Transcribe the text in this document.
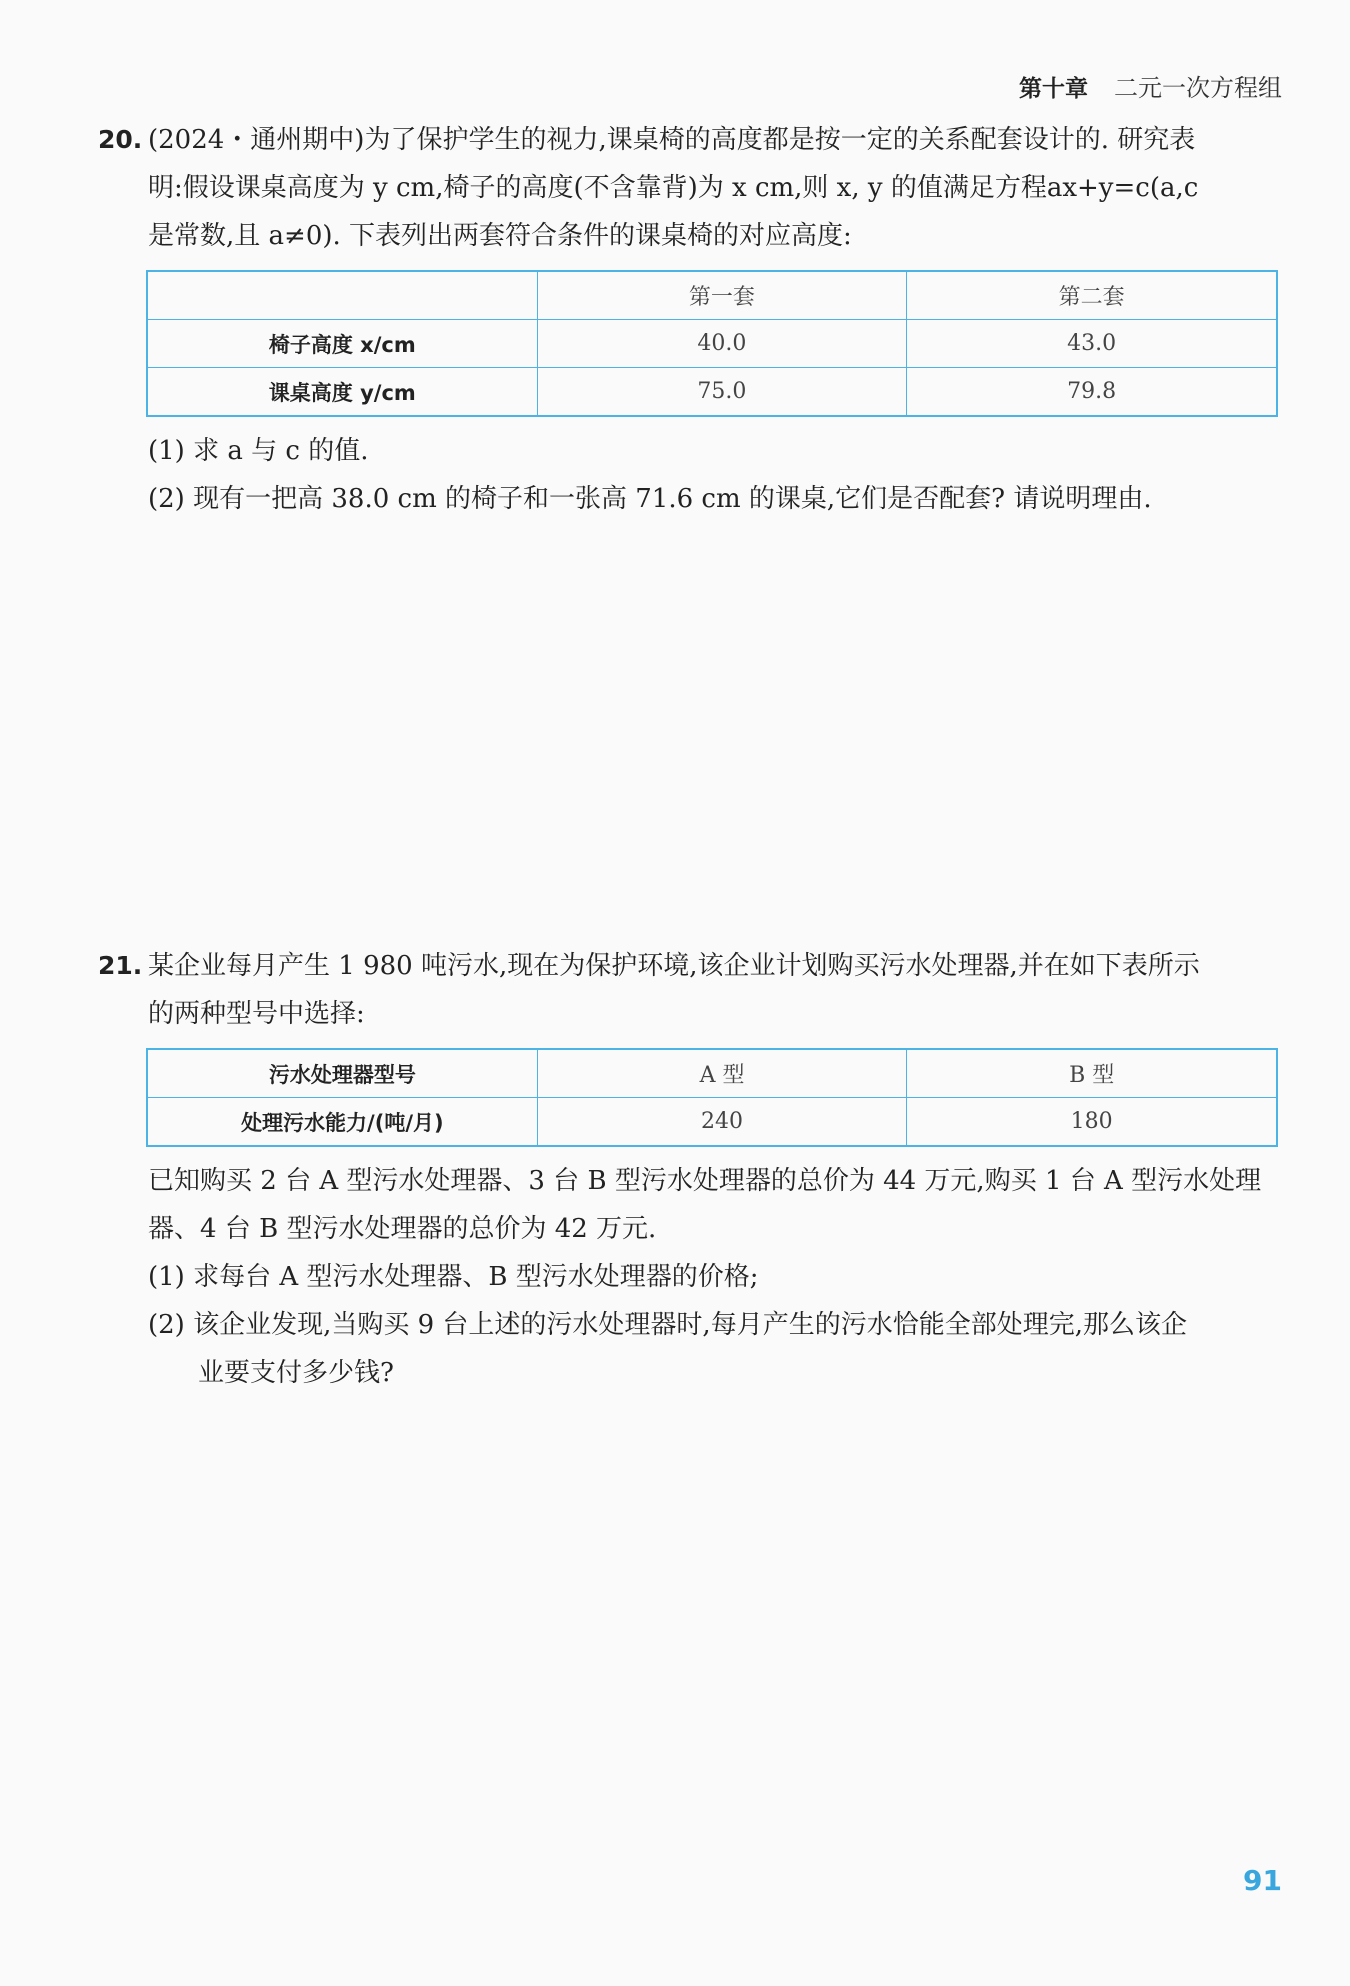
第十章 二元一次方程组

20. (2024・通州期中)为了保护学生的视力,课桌椅的高度都是按一定的关系配套设计的. 研究表

明:假设课桌高度为 y cm,椅子的高度(不含靠背)为 x cm,则 x, y 的值满足方程ax+y=c(a,c

是常数,且 a≠0). 下表列出两套符合条件的课桌椅的对应高度:

	第一套	第二套
椅子高度 x/cm	40.0	43.0
课桌高度 y/cm	75.0	79.8

(1) 求 a 与 c 的值.

(2) 现有一把高 38.0 cm 的椅子和一张高 71.6 cm 的课桌,它们是否配套? 请说明理由.

21. 某企业每月产生 1 980 吨污水,现在为保护环境,该企业计划购买污水处理器,并在如下表所示

的两种型号中选择:

污水处理器型号	A 型	B 型
处理污水能力/(吨/月)	240	180

已知购买 2 台 A 型污水处理器、3 台 B 型污水处理器的总价为 44 万元,购买 1 台 A 型污水处理

器、4 台 B 型污水处理器的总价为 42 万元.

(1) 求每台 A 型污水处理器、B 型污水处理器的价格;

(2) 该企业发现,当购买 9 台上述的污水处理器时,每月产生的污水恰能全部处理完,那么该企

业要支付多少钱?

91
